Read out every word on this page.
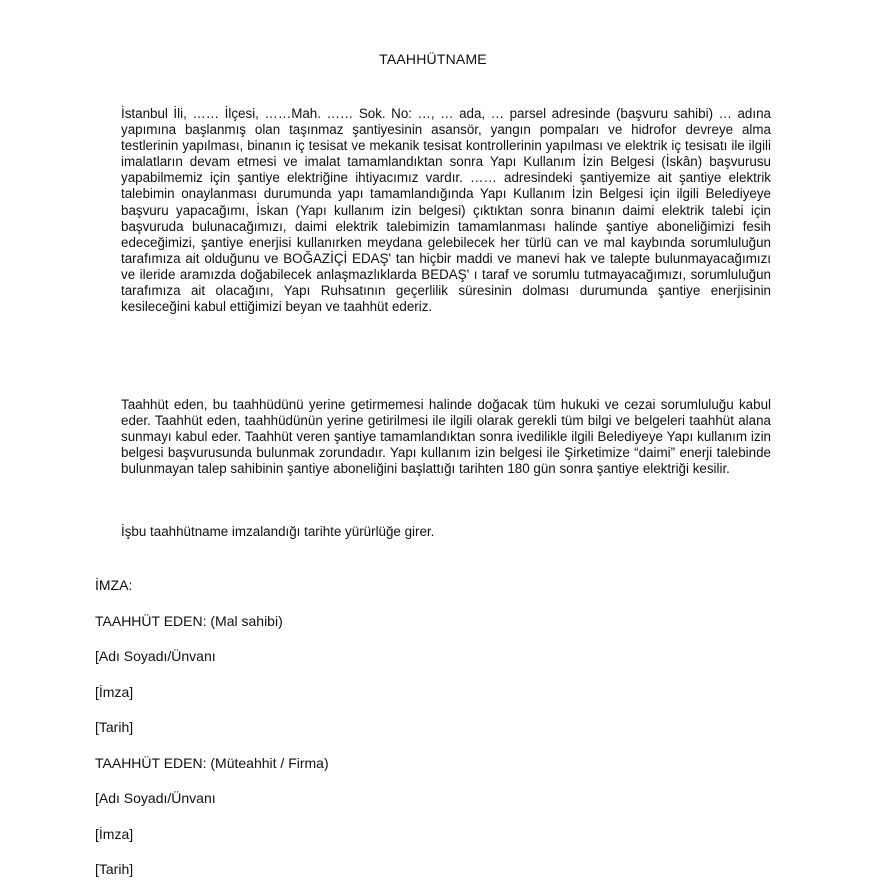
TAAHHÜTNAME
İstanbul İli, …… İlçesi, ……Mah. …… Sok. No: …, … ada, … parsel adresinde (başvuru sahibi) … adına yapımına başlanmış olan taşınmaz şantiyesinin asansör, yangın pompaları ve hidrofor devreye alma testlerinin yapılması, binanın iç tesisat ve mekanik tesisat kontrollerinin yapılması ve elektrik iç tesisatı ile ilgili imalatların devam etmesi ve imalat tamamlandıktan sonra Yapı Kullanım İzin Belgesi (İskân) başvurusu yapabilmemiz için şantiye elektriğine ihtiyacımız vardır. …… adresindeki şantiyemize ait şantiye elektrik talebimin onaylanması durumunda yapı tamamlandığında Yapı Kullanım İzin Belgesi için ilgili Belediyeye başvuru yapacağımı, İskan (Yapı kullanım izin belgesi) çıktıktan sonra binanın daimi elektrik talebi için başvuruda bulunacağımızı, daimi elektrik talebimizin tamamlanması halinde şantiye aboneliğimizi fesih edeceğimizi, şantiye enerjisi kullanırken meydana gelebilecek her türlü can ve mal kaybında sorumluluğun tarafımıza ait olduğunu ve BOĞAZİÇİ EDAŞ' tan hiçbir maddi ve manevi hak ve talepte bulunmayacağımızı ve ileride aramızda doğabilecek anlaşmazlıklarda BEDAŞ' ı taraf ve sorumlu tutmayacağımızı, sorumluluğun tarafımıza ait olacağını, Yapı Ruhsatının geçerlilik süresinin dolması durumunda şantiye enerjisinin kesileceğini kabul ettiğimizi beyan ve taahhüt ederiz.
Taahhüt eden, bu taahhüdünü yerine getirmemesi halinde doğacak tüm hukuki ve cezai sorumluluğu kabul eder. Taahhüt eden, taahhüdünün yerine getirilmesi ile ilgili olarak gerekli tüm bilgi ve belgeleri taahhüt alana sunmayı kabul eder. Taahhüt veren şantiye tamamlandıktan sonra ivedilikle ilgili Belediyeye Yapı kullanım izin belgesi başvurusunda bulunmak zorundadır. Yapı kullanım izin belgesi ile Şirketimize “daimi” enerji talebinde bulunmayan talep sahibinin şantiye aboneliğini başlattığı tarihten 180 gün sonra şantiye elektriği kesilir.
İşbu taahhütname imzalandığı tarihte yürürlüğe girer.
İMZA:
TAAHHÜT EDEN: (Mal sahibi)
[Adı Soyadı/Ünvanı
[İmza]
[Tarih]
TAAHHÜT EDEN: (Müteahhit / Firma)
[Adı Soyadı/Ünvanı
[İmza]
[Tarih]
